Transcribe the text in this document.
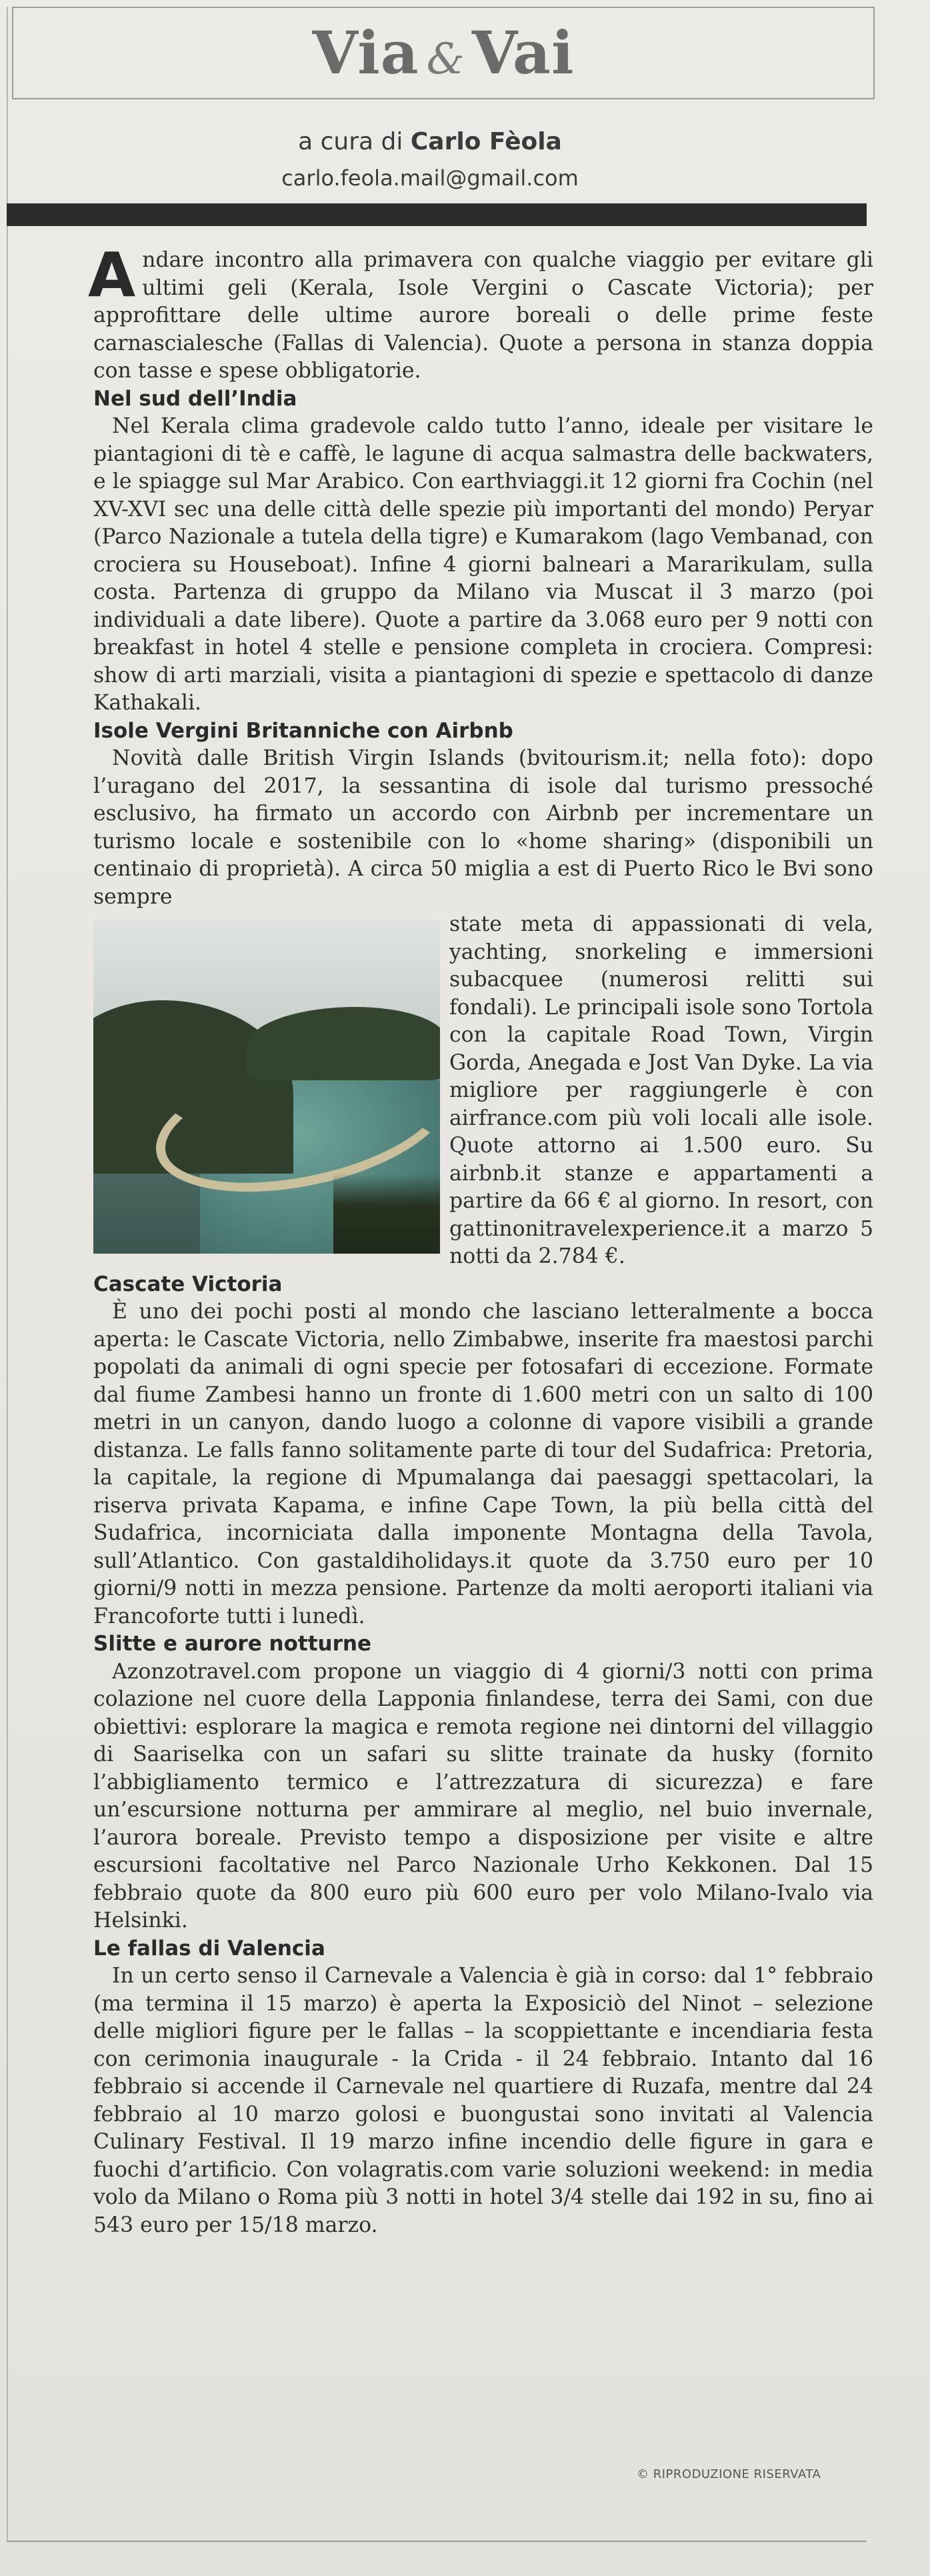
Via & Vai
a cura di Carlo Fèola
carlo.feola.mail@gmail.com

Andare incontro alla primavera con qualche viaggio per evitare gli ultimi geli (Kerala, Isole Vergini o Cascate Victoria); per approfittare delle ultime aurore boreali o delle prime feste carnascialesche (Fallas di Valencia). Quote a persona in stanza doppia con tasse e spese obbligatorie.

Nel sud dell’India

Nel Kerala clima gradevole caldo tutto l’anno, ideale per visitare le piantagioni di tè e caffè, le lagune di acqua salmastra delle backwaters, e le spiagge sul Mar Arabico. Con earthviaggi.it 12 giorni fra Cochin (nel XV-XVI sec una delle città delle spezie più importanti del mondo) Peryar (Parco Nazionale a tutela della tigre) e Kumarakom (lago Vembanad, con crociera su Houseboat). Infine 4 giorni balneari a Mararikulam, sulla costa. Partenza di gruppo da Milano via Muscat il 3 marzo (poi individuali a date libere). Quote a partire da 3.068 euro per 9 notti con breakfast in hotel 4 stelle e pensione completa in crociera. Compresi: show di arti marziali, visita a piantagioni di spezie e spettacolo di danze Kathakali.

Isole Vergini Britanniche con Airbnb

Novità dalle British Virgin Islands (bvitourism.it; nella foto): dopo l’uragano del 2017, la sessantina di isole dal turismo pressoché esclusivo, ha firmato un accordo con Airbnb per incrementare un turismo locale e sostenibile con lo «home sharing» (disponibili un centinaio di proprietà). A circa 50 miglia a est di Puerto Rico le Bvi sono sempre

state meta di appassionati di vela, yachting, snorkeling e immersioni subacquee (numerosi relitti sui fondali). Le principali isole sono Tortola con la capitale Road Town, Virgin Gorda, Anegada e Jost Van Dyke. La via migliore per raggiungerle è con airfrance.com più voli locali alle isole. Quote attorno ai 1.500 euro. Su airbnb.it stanze e appartamenti a partire da 66 € al giorno. In resort, con gattinonitravelexperience.it a marzo 5 notti da 2.784 €.

Cascate Victoria

È uno dei pochi posti al mondo che lasciano letteralmente a bocca aperta: le Cascate Victoria, nello Zimbabwe, inserite fra maestosi parchi popolati da animali di ogni specie per fotosafari di eccezione. Formate dal fiume Zambesi hanno un fronte di 1.600 metri con un salto di 100 metri in un canyon, dando luogo a colonne di vapore visibili a grande distanza. Le falls fanno solitamente parte di tour del Sudafrica: Pretoria, la capitale, la regione di Mpumalanga dai paesaggi spettacolari, la riserva privata Kapama, e infine Cape Town, la più bella città del Sudafrica, incorniciata dalla imponente Montagna della Tavola, sull’Atlantico. Con gastaldiholidays.it quote da 3.750 euro per 10 giorni/9 notti in mezza pensione. Partenze da molti aeroporti italiani via Francoforte tutti i lunedì.

Slitte e aurore notturne

Azonzotravel.com propone un viaggio di 4 giorni/3 notti con prima colazione nel cuore della Lapponia finlandese, terra dei Sami, con due obiettivi: esplorare la magica e remota regione nei dintorni del villaggio di Saariselka con un safari su slitte trainate da husky (fornito l’abbigliamento termico e l’attrezzatura di sicurezza) e fare un’escursione notturna per ammirare al meglio, nel buio invernale, l’aurora boreale. Previsto tempo a disposizione per visite e altre escursioni facoltative nel Parco Nazionale Urho Kekkonen. Dal 15 febbraio quote da 800 euro più 600 euro per volo Milano-Ivalo via Helsinki.

Le fallas di Valencia

In un certo senso il Carnevale a Valencia è già in corso: dal 1° febbraio (ma termina il 15 marzo) è aperta la Exposiciò del Ninot – selezione delle migliori figure per le fallas – la scoppiettante e incendiaria festa con cerimonia inaugurale - la Crida - il 24 febbraio. Intanto dal 16 febbraio si accende il Carnevale nel quartiere di Ruzafa, mentre dal 24 febbraio al 10 marzo golosi e buongustai sono invitati al Valencia Culinary Festival. Il 19 marzo infine incendio delle figure in gara e fuochi d’artificio. Con volagratis.com varie soluzioni weekend: in media volo da Milano o Roma più 3 notti in hotel 3/4 stelle dai 192 in su, fino ai 543 euro per 15/18 marzo.

© RIPRODUZIONE RISERVATA
